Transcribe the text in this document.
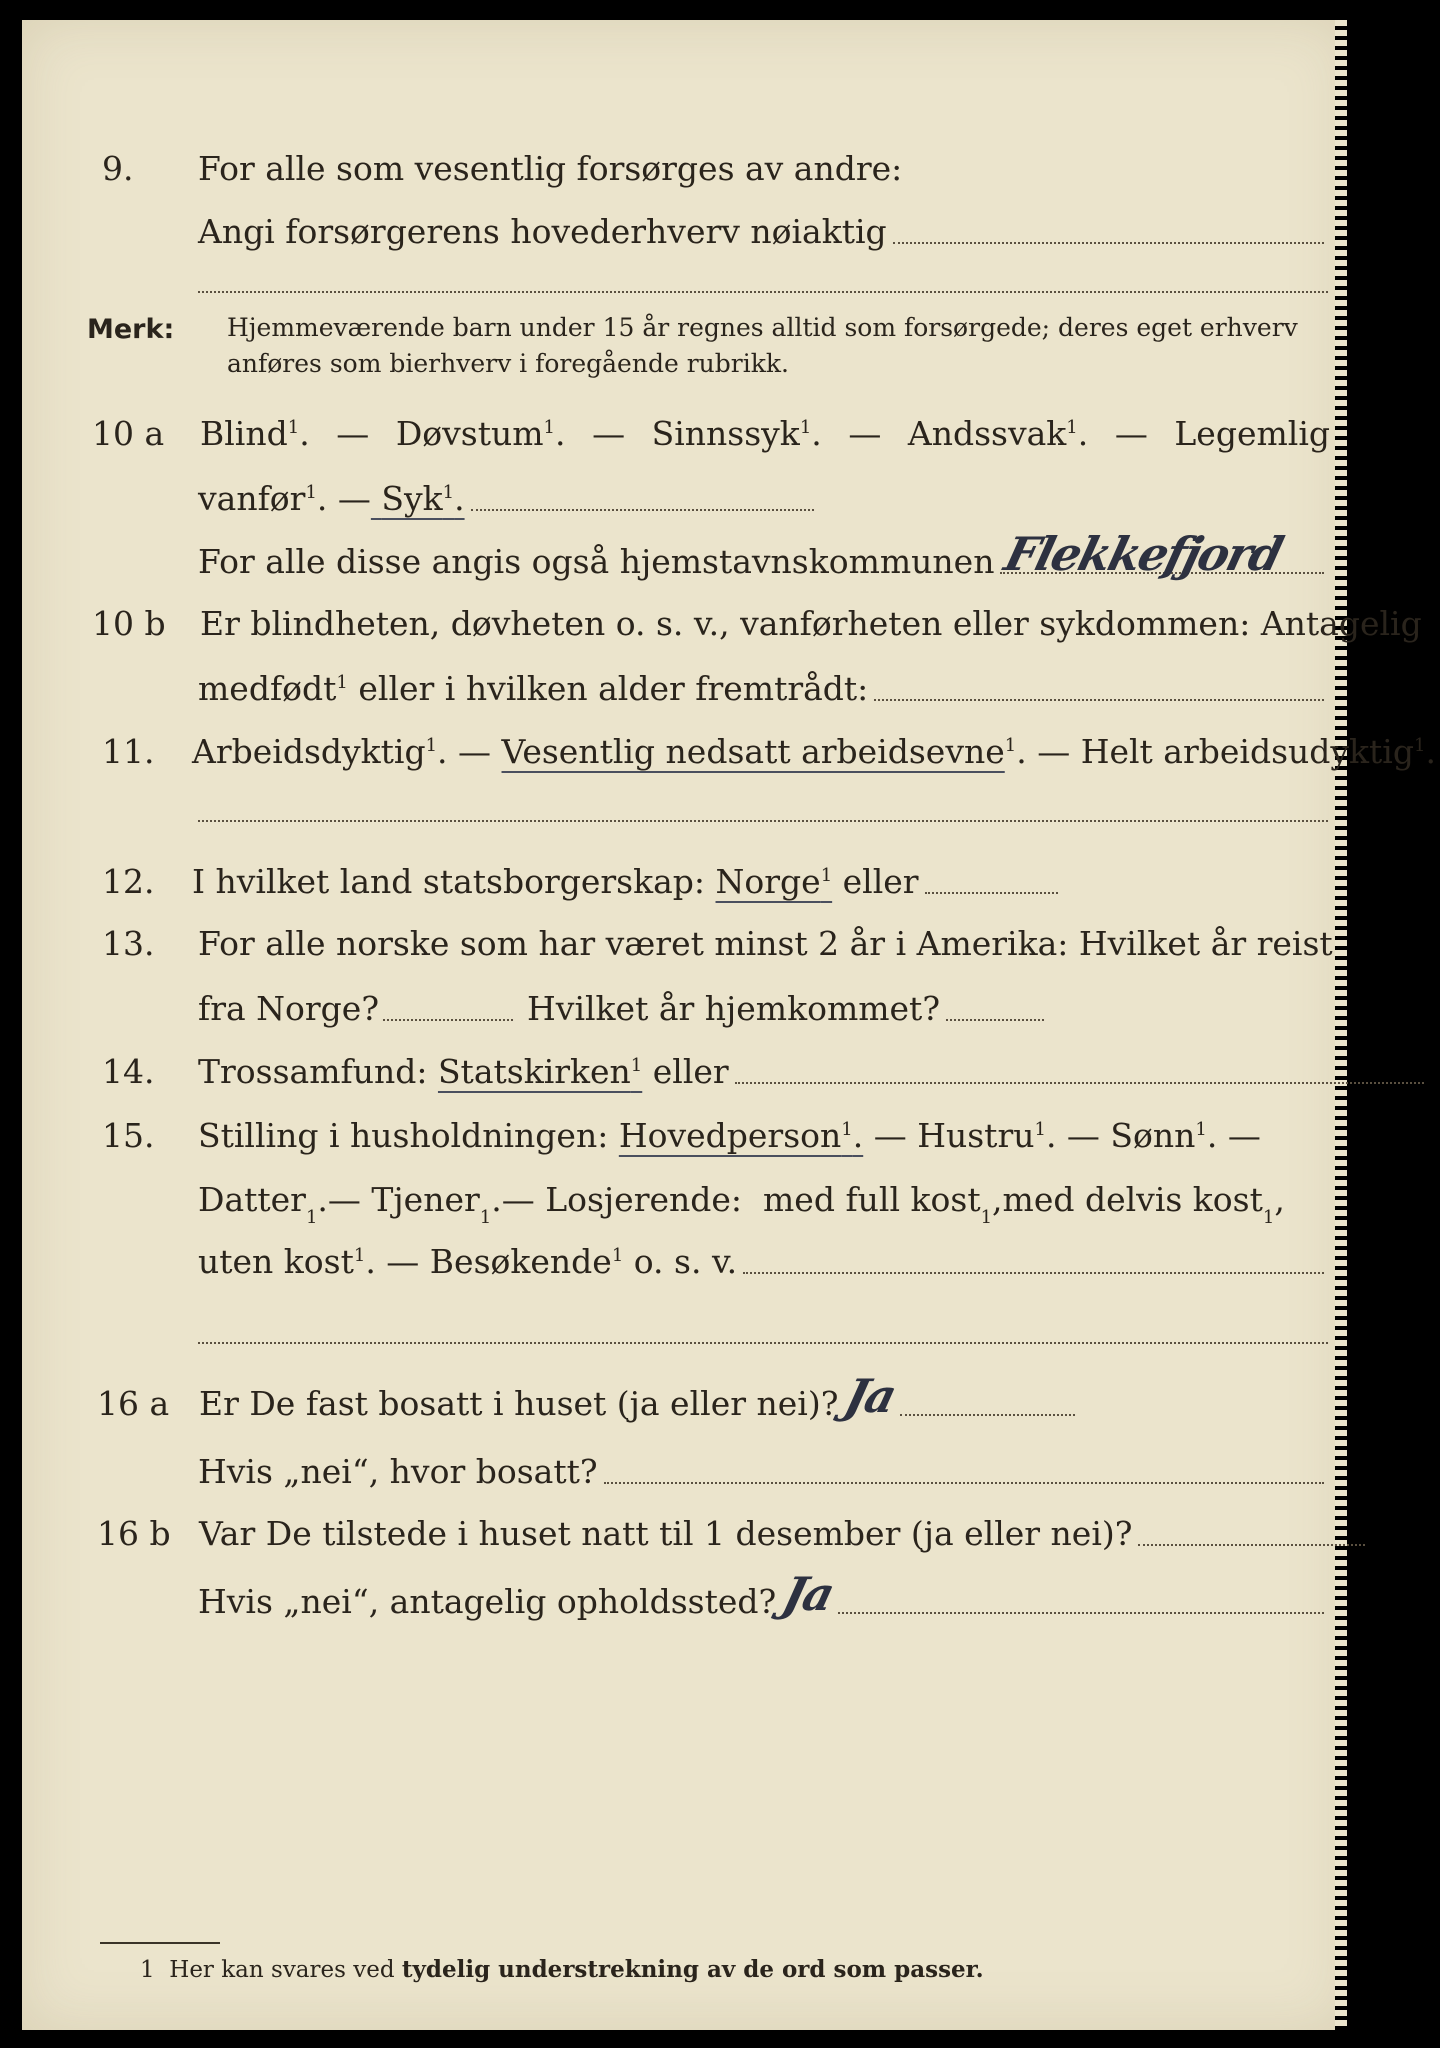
9. For alle som vesentlig forsørges av andre:
Angi forsørgerens hovederhverv nøiaktig
Merk: Hjemmeværende barn under 15 år regnes alltid som forsørgede; deres eget erhverv
anføres som bierhverv i foregående rubrikk.
10 a Blind$^1$. — Døvstum$^1$. — Sinnssyk$^1$. — Andssvak$^1$. — Legemlig
vanfør$^1$. — Syk$^1$.
For alle disse angis også hjemstavnskommunen Flekkefjord
10 b Er blindheten, døvheten o. s. v., vanførheten eller sykdommen: Antagelig
medfødt$^1$ eller i hvilken alder fremtrådt:
11. Arbeidsdyktig$^1$. — Vesentlig nedsatt arbeidsevne $^1$. — Helt arbeidsudyktig$^1$.
12. I hvilket land statsborgerskap:
Norge$^1$
eller
13. For alle norske som har været minst 2 år i Amerika: Hvilket år reist
fra Norge?	Hvilket år hjemkommet?
14. Trossamfund:
Statskirken$^1$
eller
15. Stilling i husholdningen:
Hovedperson$^1$.
— Hustru$^1$. — Sønn$^1$. —
Datter 1 . —
Tjener 1 . —
Losjerende:
med full kost 1 , med delvis kost 1 ,
uten kost$^1$. — Besøkende$^1$ o. s. v.
16 a Er De fast bosatt i huset (ja eller nei)? Ja
Hvis „nei“, hvor bosatt?
16 b Var De tilstede i huset natt til 1 desember (ja eller nei)?
Hvis „nei“, antagelig opholdssted? Ja
1 Her kan svares ved tydelig understrekning av de ord som passer.
